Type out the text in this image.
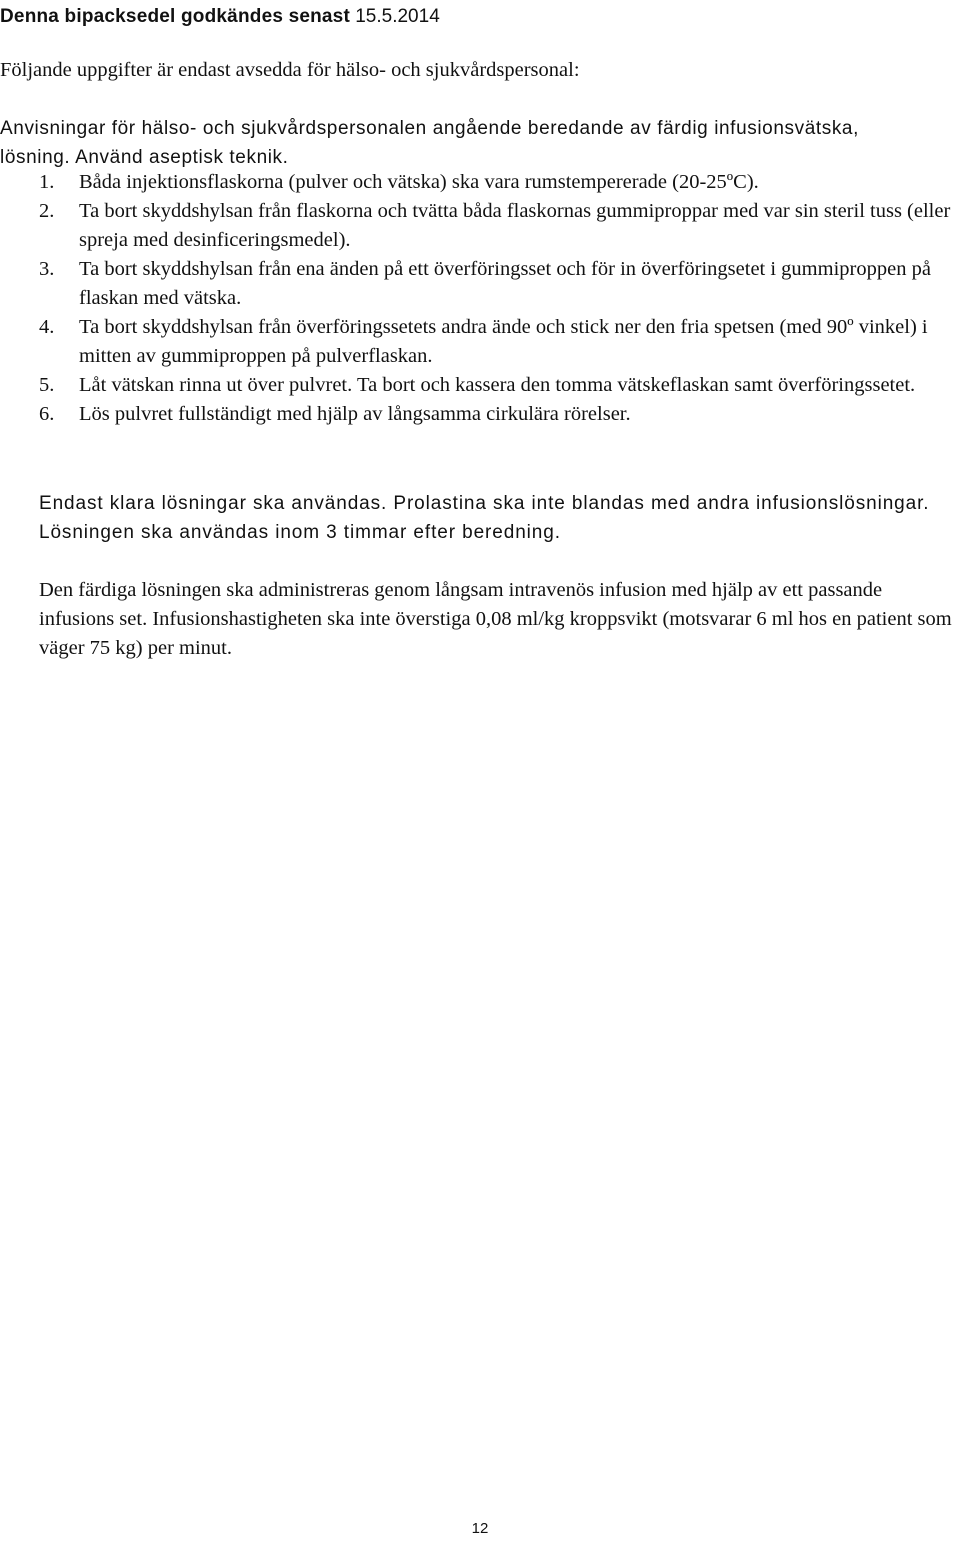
Denna bipacksedel godkändes senast 15.5.2014
Följande uppgifter är endast avsedda för hälso- och sjukvårdspersonal:
Anvisningar för hälso- och sjukvårdspersonalen angående beredande av färdig infusionsvätska, lösning. Använd aseptisk teknik.
1. Båda injektionsflaskorna (pulver och vätska) ska vara rumstempererade (20-25ºC).
2. Ta bort skyddshylsan från flaskorna och tvätta båda flaskornas gummiproppar med var sin steril tuss (eller spreja med desinficeringsmedel).
3. Ta bort skyddshylsan från ena änden på ett överföringsset och för in överföringsetet i gummiproppen på flaskan med vätska.
4. Ta bort skyddshylsan från överföringssetets andra ände och stick ner den fria spetsen (med 90º vinkel) i mitten av gummiproppen på pulverflaskan.
5. Låt vätskan rinna ut över pulvret. Ta bort och kassera den tomma vätskeflaskan samt överföringssetet.
6. Lös pulvret fullständigt med hjälp av långsamma cirkulära rörelser.

Endast klara lösningar ska användas. Prolastina ska inte blandas med andra infusionslösningar. Lösningen ska användas inom 3 timmar efter beredning.

Den färdiga lösningen ska administreras genom långsam intravenös infusion med hjälp av ett passande infusions set. Infusionshastigheten ska inte överstiga 0,08 ml/kg kroppsvikt (motsvarar 6 ml hos en patient som väger 75 kg) per minut.

12
